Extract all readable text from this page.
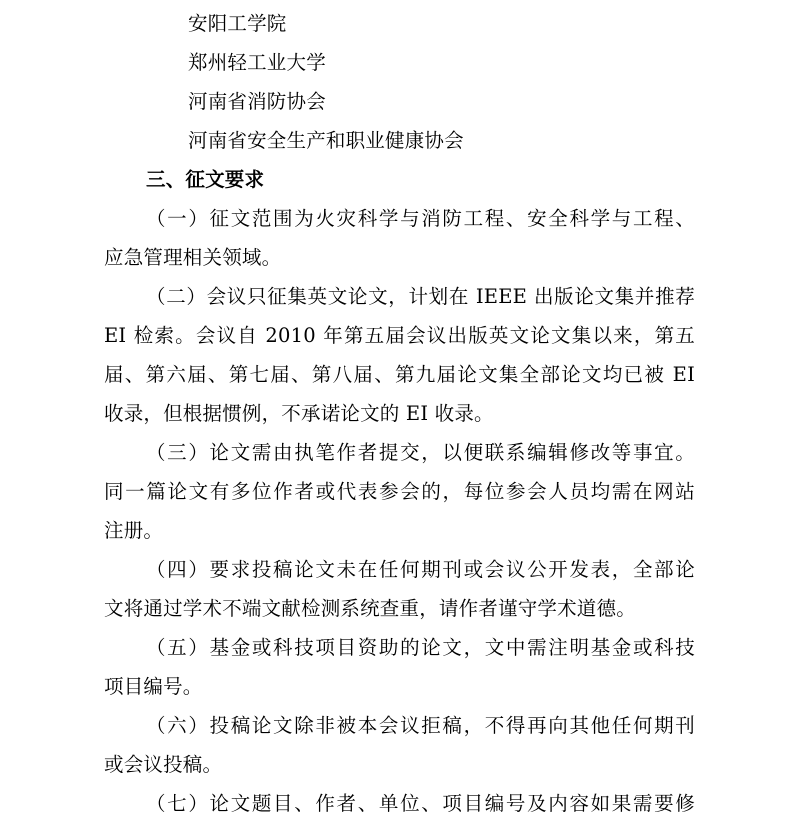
安阳工学院
郑州轻工业大学
河南省消防协会
河南省安全生产和职业健康协会
三、征文要求
（一）征文范围为火灾科学与消防工程、安全科学与工程、
应急管理相关领域。
（二）会议只征集英文论文，计划在 IEEE 出版论文集并推荐
EI 检索。会议自 2010 年第五届会议出版英文论文集以来，第五
届、第六届、第七届、第八届、第九届论文集全部论文均已被 EI
收录，但根据惯例，不承诺论文的 EI 收录。
（三）论文需由执笔作者提交，以便联系编辑修改等事宜。
同一篇论文有多位作者或代表参会的，每位参会人员均需在网站
注册。
（四）要求投稿论文未在任何期刊或会议公开发表，全部论
文将通过学术不端文献检测系统查重，请作者谨守学术道德。
（五）基金或科技项目资助的论文，文中需注明基金或科技
项目编号。
（六）投稿论文除非被本会议拒稿，不得再向其他任何期刊
或会议投稿。
（七）论文题目、作者、单位、项目编号及内容如果需要修
